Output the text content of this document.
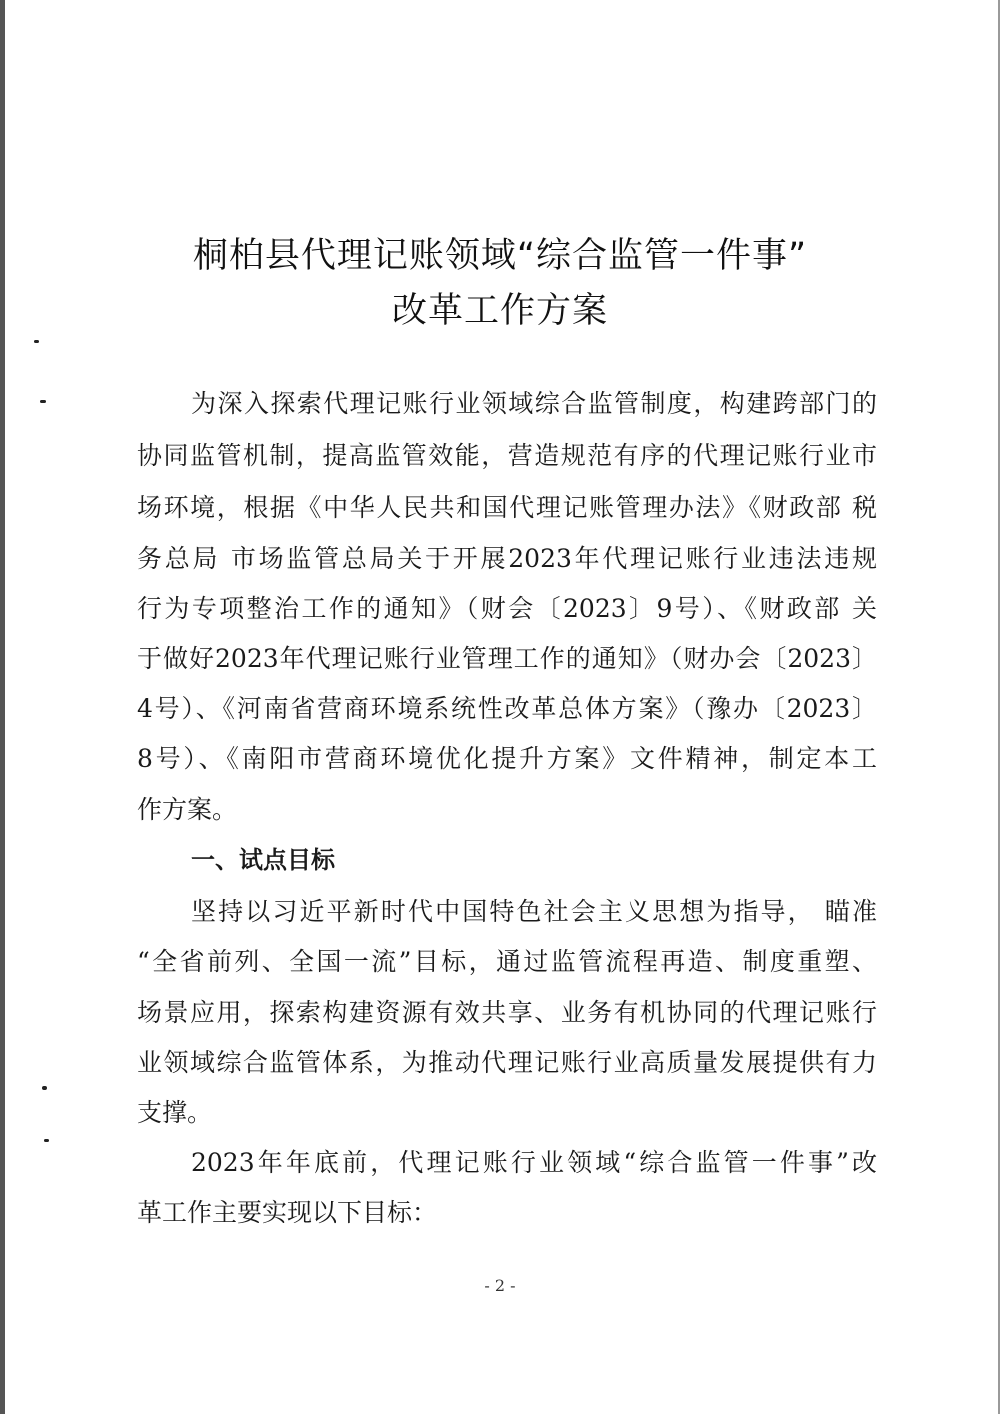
桐柏县代理记账领域“综合监管一件事”
改革工作方案
为深入探索代理记账行业领域综合监管制度，构建跨部门的
协同监管机制，提高监管效能，营造规范有序的代理记账行业市
场环境，根据《中华人民共和国代理记账管理办法》《财政部 税
务总局 市场监管总局关于开展2023年代理记账行业违法违规
行为专项整治工作的通知》（财会〔2023〕9号）、《财政部 关
于做好2023年代理记账行业管理工作的通知》（财办会〔2023〕
4号）、《河南省营商环境系统性改革总体方案》（豫办〔2023〕
8号）、《南阳市营商环境优化提升方案》文件精神，制定本工
作方案。
一、试点目标
坚持以习近平新时代中国特色社会主义思想为指导， 瞄准
“全省前列、全国一流”目标，通过监管流程再造、制度重塑、
场景应用，探索构建资源有效共享、业务有机协同的代理记账行
业领域综合监管体系，为推动代理记账行业高质量发展提供有力
支撑。
2023年年底前，代理记账行业领域“综合监管一件事”改
革工作主要实现以下目标：
- 2 -
